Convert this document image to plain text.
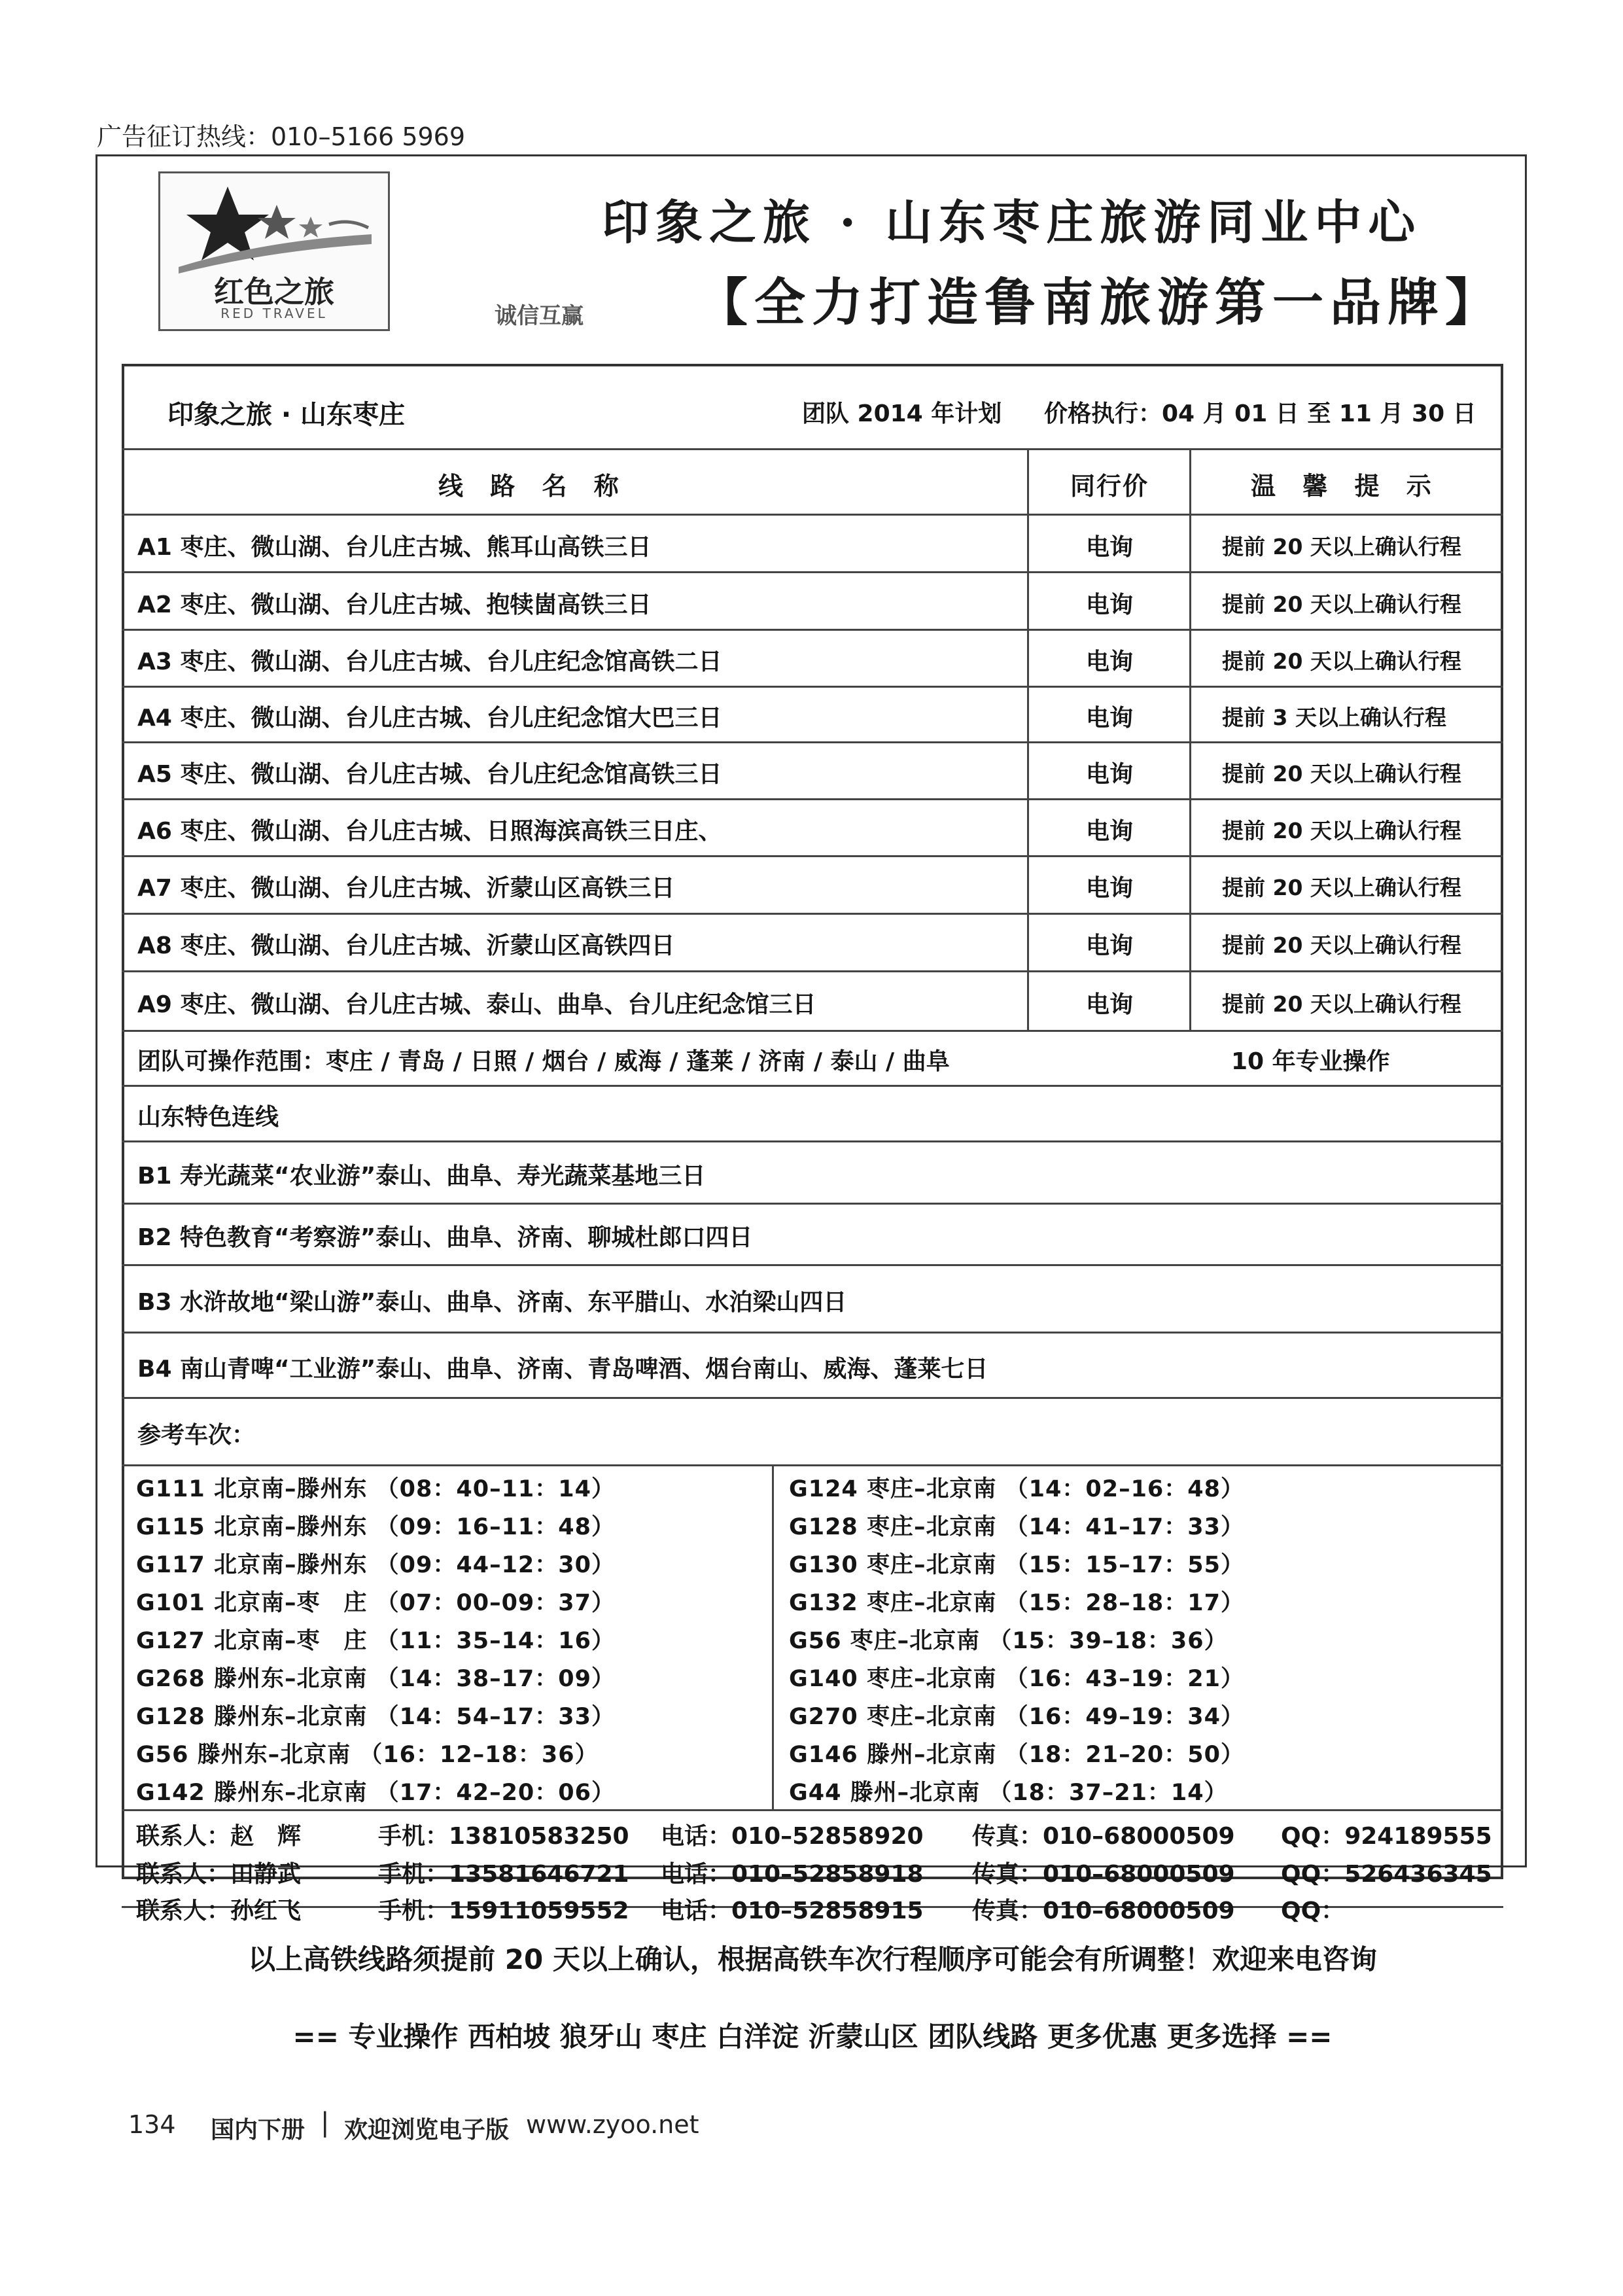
广告征订热线：010–5166 5969
红色之旅
RED TRAVEL
印象之旅 · 山东枣庄旅游同业中心
诚信互赢 【全力打造鲁南旅游第一品牌】
印象之旅 · 山东枣庄	团队 2014 年计划 价格执行：04 月 01 日 至 11 月 30 日
线 路 名 称	同行价	温 馨 提 示
A1 枣庄、微山湖、台儿庄古城、熊耳山高铁三日	电询	提前 20 天以上确认行程
A2 枣庄、微山湖、台儿庄古城、抱犊崮高铁三日	电询	提前 20 天以上确认行程
A3 枣庄、微山湖、台儿庄古城、台儿庄纪念馆高铁二日	电询	提前 20 天以上确认行程
A4 枣庄、微山湖、台儿庄古城、台儿庄纪念馆大巴三日	电询	提前 3 天以上确认行程
A5 枣庄、微山湖、台儿庄古城、台儿庄纪念馆高铁三日	电询	提前 20 天以上确认行程
A6 枣庄、微山湖、台儿庄古城、日照海滨高铁三日庄、	电询	提前 20 天以上确认行程
A7 枣庄、微山湖、台儿庄古城、沂蒙山区高铁三日	电询	提前 20 天以上确认行程
A8 枣庄、微山湖、台儿庄古城、沂蒙山区高铁四日	电询	提前 20 天以上确认行程
A9 枣庄、微山湖、台儿庄古城、泰山、曲阜、台儿庄纪念馆三日	电询	提前 20 天以上确认行程
团队可操作范围：枣庄 / 青岛 / 日照 / 烟台 / 威海 / 蓬莱 / 济南 / 泰山 / 曲阜	10 年专业操作
山东特色连线
B1 寿光蔬菜“农业游”泰山、曲阜、寿光蔬菜基地三日
B2 特色教育“考察游”泰山、曲阜、济南、聊城杜郎口四日
B3 水浒故地“梁山游”泰山、曲阜、济南、东平腊山、水泊梁山四日
B4 南山青啤“工业游”泰山、曲阜、济南、青岛啤酒、烟台南山、威海、蓬莱七日
参考车次：
G111 北京南–滕州东 （08：40–11：14）
G115 北京南–滕州东 （09：16–11：48）
G117 北京南–滕州东 （09：44–12：30）
G101 北京南–枣　庄 （07：00–09：37）
G127 北京南–枣　庄 （11：35–14：16）
G268 滕州东–北京南 （14：38–17：09）
G128 滕州东–北京南 （14：54–17：33）
G56 滕州东–北京南 （16：12–18：36）
G142 滕州东–北京南 （17：42–20：06）
G124 枣庄–北京南 （14：02–16：48）
G128 枣庄–北京南 （14：41–17：33）
G130 枣庄–北京南 （15：15–17：55）
G132 枣庄–北京南 （15：28–18：17）
G56 枣庄–北京南 （15：39–18：36）
G140 枣庄–北京南 （16：43–19：21）
G270 枣庄–北京南 （16：49–19：34）
G146 滕州–北京南 （18：21–20：50）
G44 滕州–北京南 （18：37–21：14）
联系人：赵　辉	手机：13810583250 电话：010–52858920 传真：010–68000509 QQ：924189555
联系人：田静武	手机：13581646721 电话：010–52858918 传真：010–68000509 QQ：526436345
联系人：孙红飞	手机：15911059552 电话：010–52858915 传真：010–68000509 QQ：
以上高铁线路须提前 20 天以上确认，根据高铁车次行程顺序可能会有所调整！欢迎来电咨询
== 专业操作 西柏坡 狼牙山 枣庄 白洋淀 沂蒙山区 团队线路 更多优惠 更多选择 ==
134 国内下册 | 欢迎浏览电子版 www.zyoo.net
